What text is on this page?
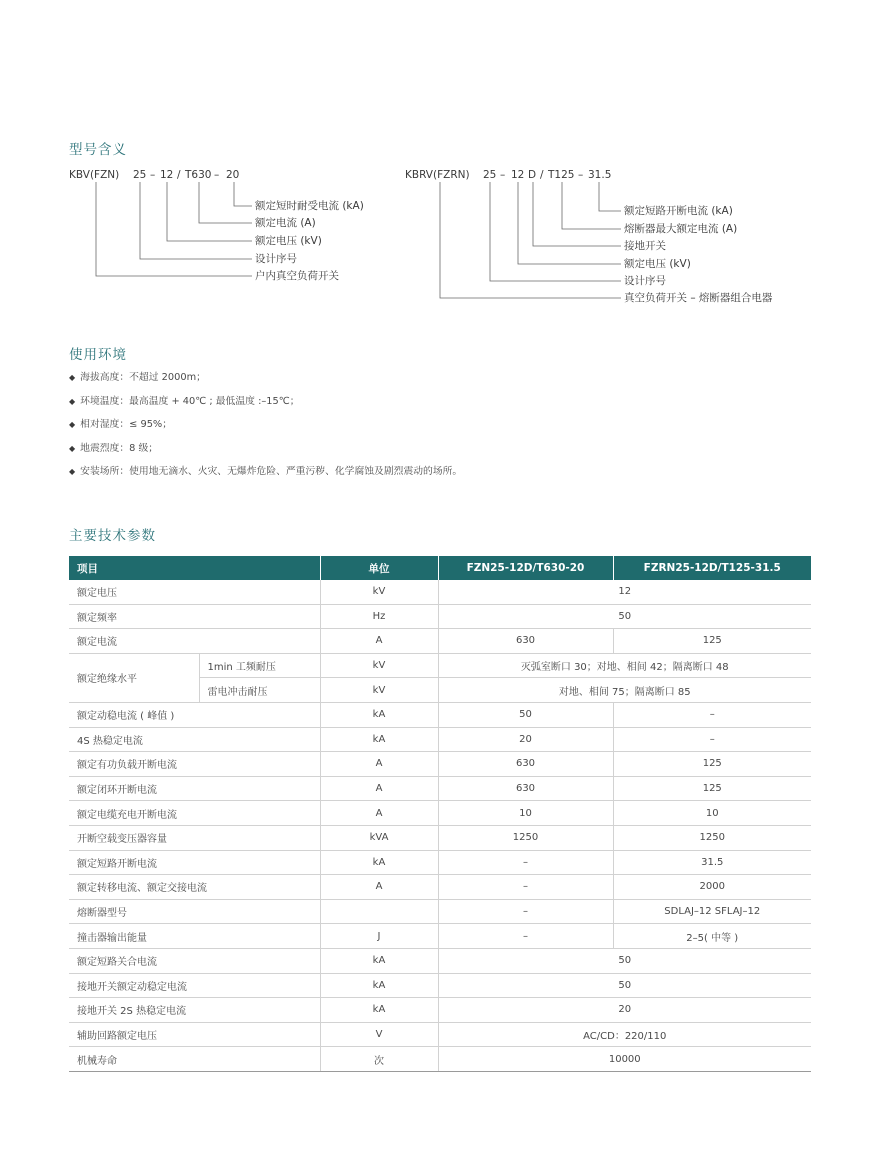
型号含义
KBV(FZN) 25 – 12 / T630 – 20
额定短时耐受电流 (kA)
额定电流 (A)
额定电压 (kV)
设计序号
户内真空负荷开关
KBRV(FZRN) 25 – 12 D / T125 – 31.5
额定短路开断电流 (kA)
熔断器最大额定电流 (A)
接地开关
额定电压 (kV)
设计序号
真空负荷开关 – 熔断器组合电器
使用环境
◆ 海拔高度：不超过 2000m；
◆ 环境温度：最高温度 + 40℃ ; 最低温度 :–15℃；
◆ 相对湿度：≤ 95%；
◆ 地震烈度：8 级；
◆ 安装场所：使用地无滴水、火灾、无爆炸危险、严重污秽、化学腐蚀及剧烈震动的场所。
主要技术参数
项目		单位	FZN25-12D/T630-20	FZRN25-12D/T125-31.5
额定电压		kV	12	
额定频率		Hz	50	
额定电流		A	630	125
额定绝缘水平	1min 工频耐压	kV	灭弧室断口 30；对地、相间 42；隔离断口 48	
	雷电冲击耐压	kV	对地、相间 75；隔离断口 85	
额定动稳电流 ( 峰值 )		kA	50	–
4S 热稳定电流		kA	20	–
额定有功负载开断电流		A	630	125
额定闭环开断电流		A	630	125
额定电缆充电开断电流		A	10	10
开断空载变压器容量		kVA	1250	1250
额定短路开断电流		kA	–	31.5
额定转移电流、额定交接电流		A	–	2000
熔断器型号			–	SDLAJ–12 SFLAJ–12
撞击器输出能量		J	–	2–5( 中等 )
额定短路关合电流		kA	50	
接地开关额定动稳定电流		kA	50	
接地开关 2S 热稳定电流		kA	20	
辅助回路额定电压		V	AC/CD：220/110	
机械寿命		次	10000	
